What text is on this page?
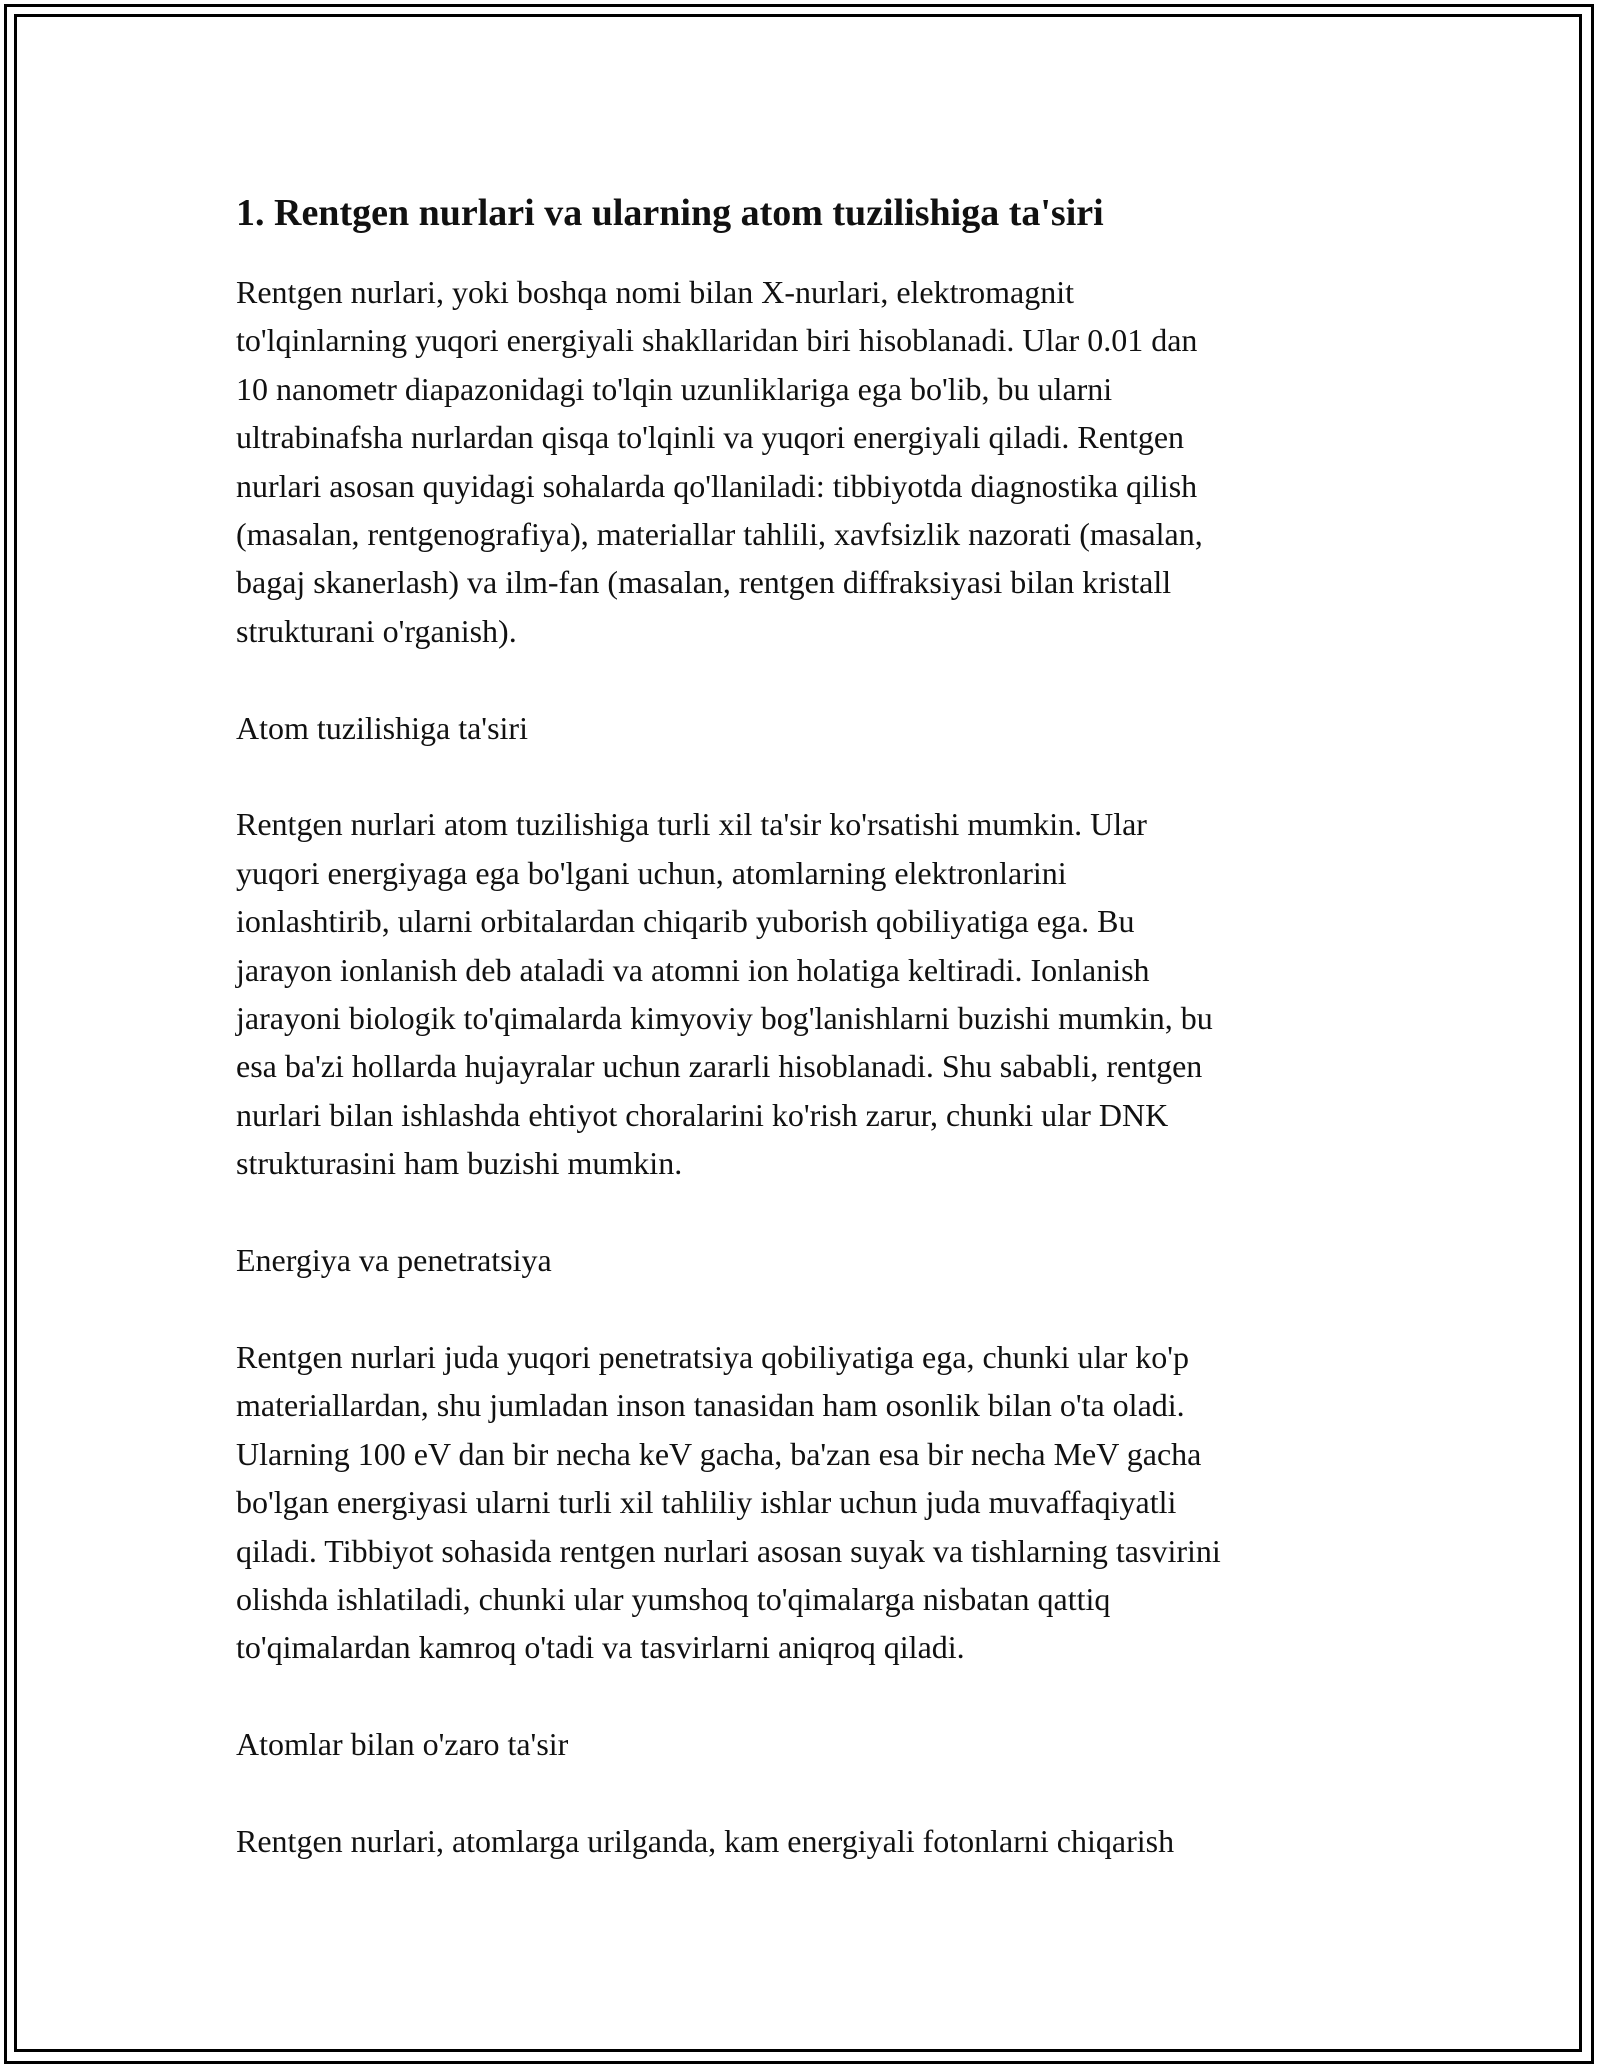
1. Rentgen nurlari va ularning atom tuzilishiga ta'siri

Rentgen nurlari, yoki boshqa nomi bilan X-nurlari, elektromagnit

to'lqinlarning yuqori energiyali shakllaridan biri hisoblanadi. Ular 0.01 dan

10 nanometr diapazonidagi to'lqin uzunliklariga ega bo'lib, bu ularni

ultrabinafsha nurlardan qisqa to'lqinli va yuqori energiyali qiladi. Rentgen

nurlari asosan quyidagi sohalarda qo'llaniladi: tibbiyotda diagnostika qilish

(masalan, rentgenografiya), materiallar tahlili, xavfsizlik nazorati (masalan,

bagaj skanerlash) va ilm-fan (masalan, rentgen diffraksiyasi bilan kristall

strukturani o'rganish).

Atom tuzilishiga ta'siri

Rentgen nurlari atom tuzilishiga turli xil ta'sir ko'rsatishi mumkin. Ular

yuqori energiyaga ega bo'lgani uchun, atomlarning elektronlarini

ionlashtirib, ularni orbitalardan chiqarib yuborish qobiliyatiga ega. Bu

jarayon ionlanish deb ataladi va atomni ion holatiga keltiradi. Ionlanish

jarayoni biologik to'qimalarda kimyoviy bog'lanishlarni buzishi mumkin, bu

esa ba'zi hollarda hujayralar uchun zararli hisoblanadi. Shu sababli, rentgen

nurlari bilan ishlashda ehtiyot choralarini ko'rish zarur, chunki ular DNK

strukturasini ham buzishi mumkin.

Energiya va penetratsiya

Rentgen nurlari juda yuqori penetratsiya qobiliyatiga ega, chunki ular ko'p

materiallardan, shu jumladan inson tanasidan ham osonlik bilan o'ta oladi.

Ularning 100 eV dan bir necha keV gacha, ba'zan esa bir necha MeV gacha

bo'lgan energiyasi ularni turli xil tahliliy ishlar uchun juda muvaffaqiyatli

qiladi. Tibbiyot sohasida rentgen nurlari asosan suyak va tishlarning tasvirini

olishda ishlatiladi, chunki ular yumshoq to'qimalarga nisbatan qattiq

to'qimalardan kamroq o'tadi va tasvirlarni aniqroq qiladi.

Atomlar bilan o'zaro ta'sir

Rentgen nurlari, atomlarga urilganda, kam energiyali fotonlarni chiqarish
